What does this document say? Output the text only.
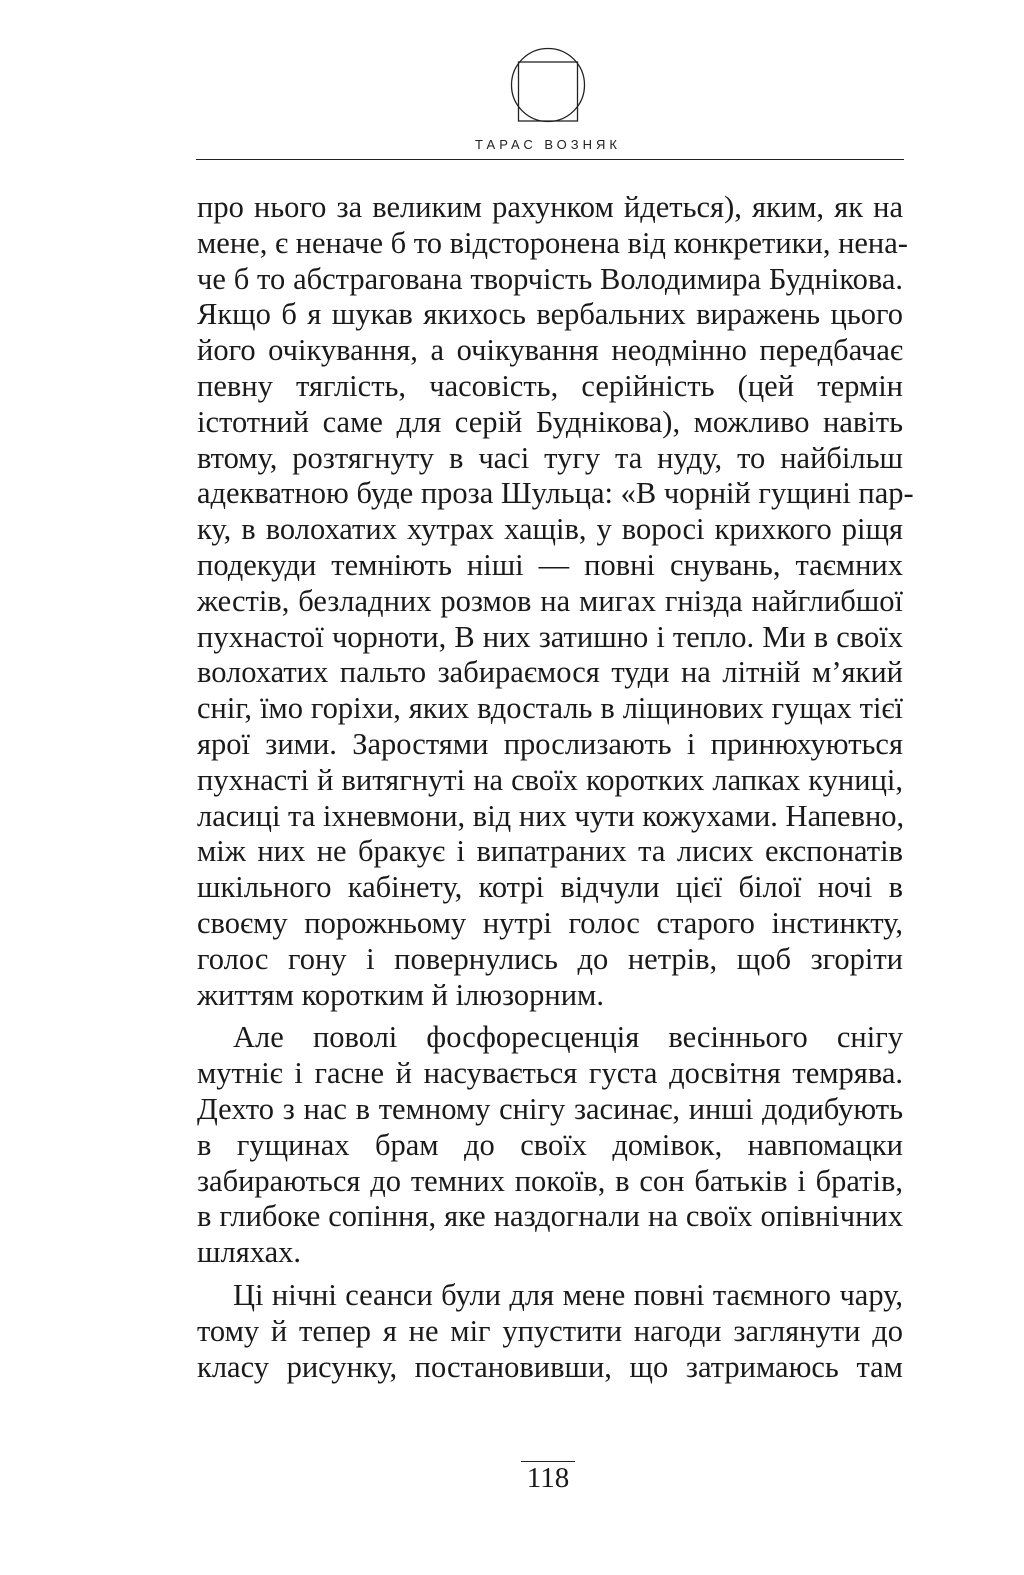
ТАРАС ВОЗНЯК
про нього за великим рахунком йдеться), яким, як на
мене, є неначе б то відсторонена від конкретики, нена-
че б то абстрагована творчість Володимира Буднікова.
Якщо б я шукав якихось вербальних виражень цього
його очікування, а очікування неодмінно передбачає
певну тяглість, часовість, серійність (цей термін
істотний саме для серій Буднікова), можливо навіть
втому, розтягнуту в часі тугу та нуду, то найбільш
адекватною буде проза Шульца: «В чорній гущині пар-
ку, в волохатих хутрах хащів, у воросі крихкого ріщя
подекуди темніють ніші — повні снувань, таємних
жестів, безладних розмов на мигах гнізда найглибшої
пухнастої чорноти, В них затишно і тепло. Ми в своїх
волохатих пальто забираємося туди на літній м’який
сніг, їмо горіхи, яких вдосталь в ліщинових гущах тієї
ярої зими. Заростями прослизають і принюхуються
пухнасті й витягнуті на своїх коротких лапках куниці,
ласиці та іхневмони, від них чути кожухами. Напевно,
між них не бракує і випатраних та лисих експонатів
шкільного кабінету, котрі відчули цієї білої ночі в
своєму порожньому нутрі голос старого інстинкту,
голос гону і повернулись до нетрів, щоб згоріти
життям коротким й ілюзорним.
Але поволі фосфоресценція весіннього снігу
мутніє і гасне й насувається густа досвітня темрява.
Дехто з нас в темному снігу засинає, инші додибують
в гущинах брам до своїх домівок, навпомацки
забираються до темних покоїв, в сон батьків і братів,
в глибоке сопіння, яке наздогнали на своїх опівнічних
шляхах.
Ці нічні сеанси були для мене повні таємного чару,
тому й тепер я не міг упустити нагоди заглянути до
класу рисунку, постановивши, що затримаюсь там
118
